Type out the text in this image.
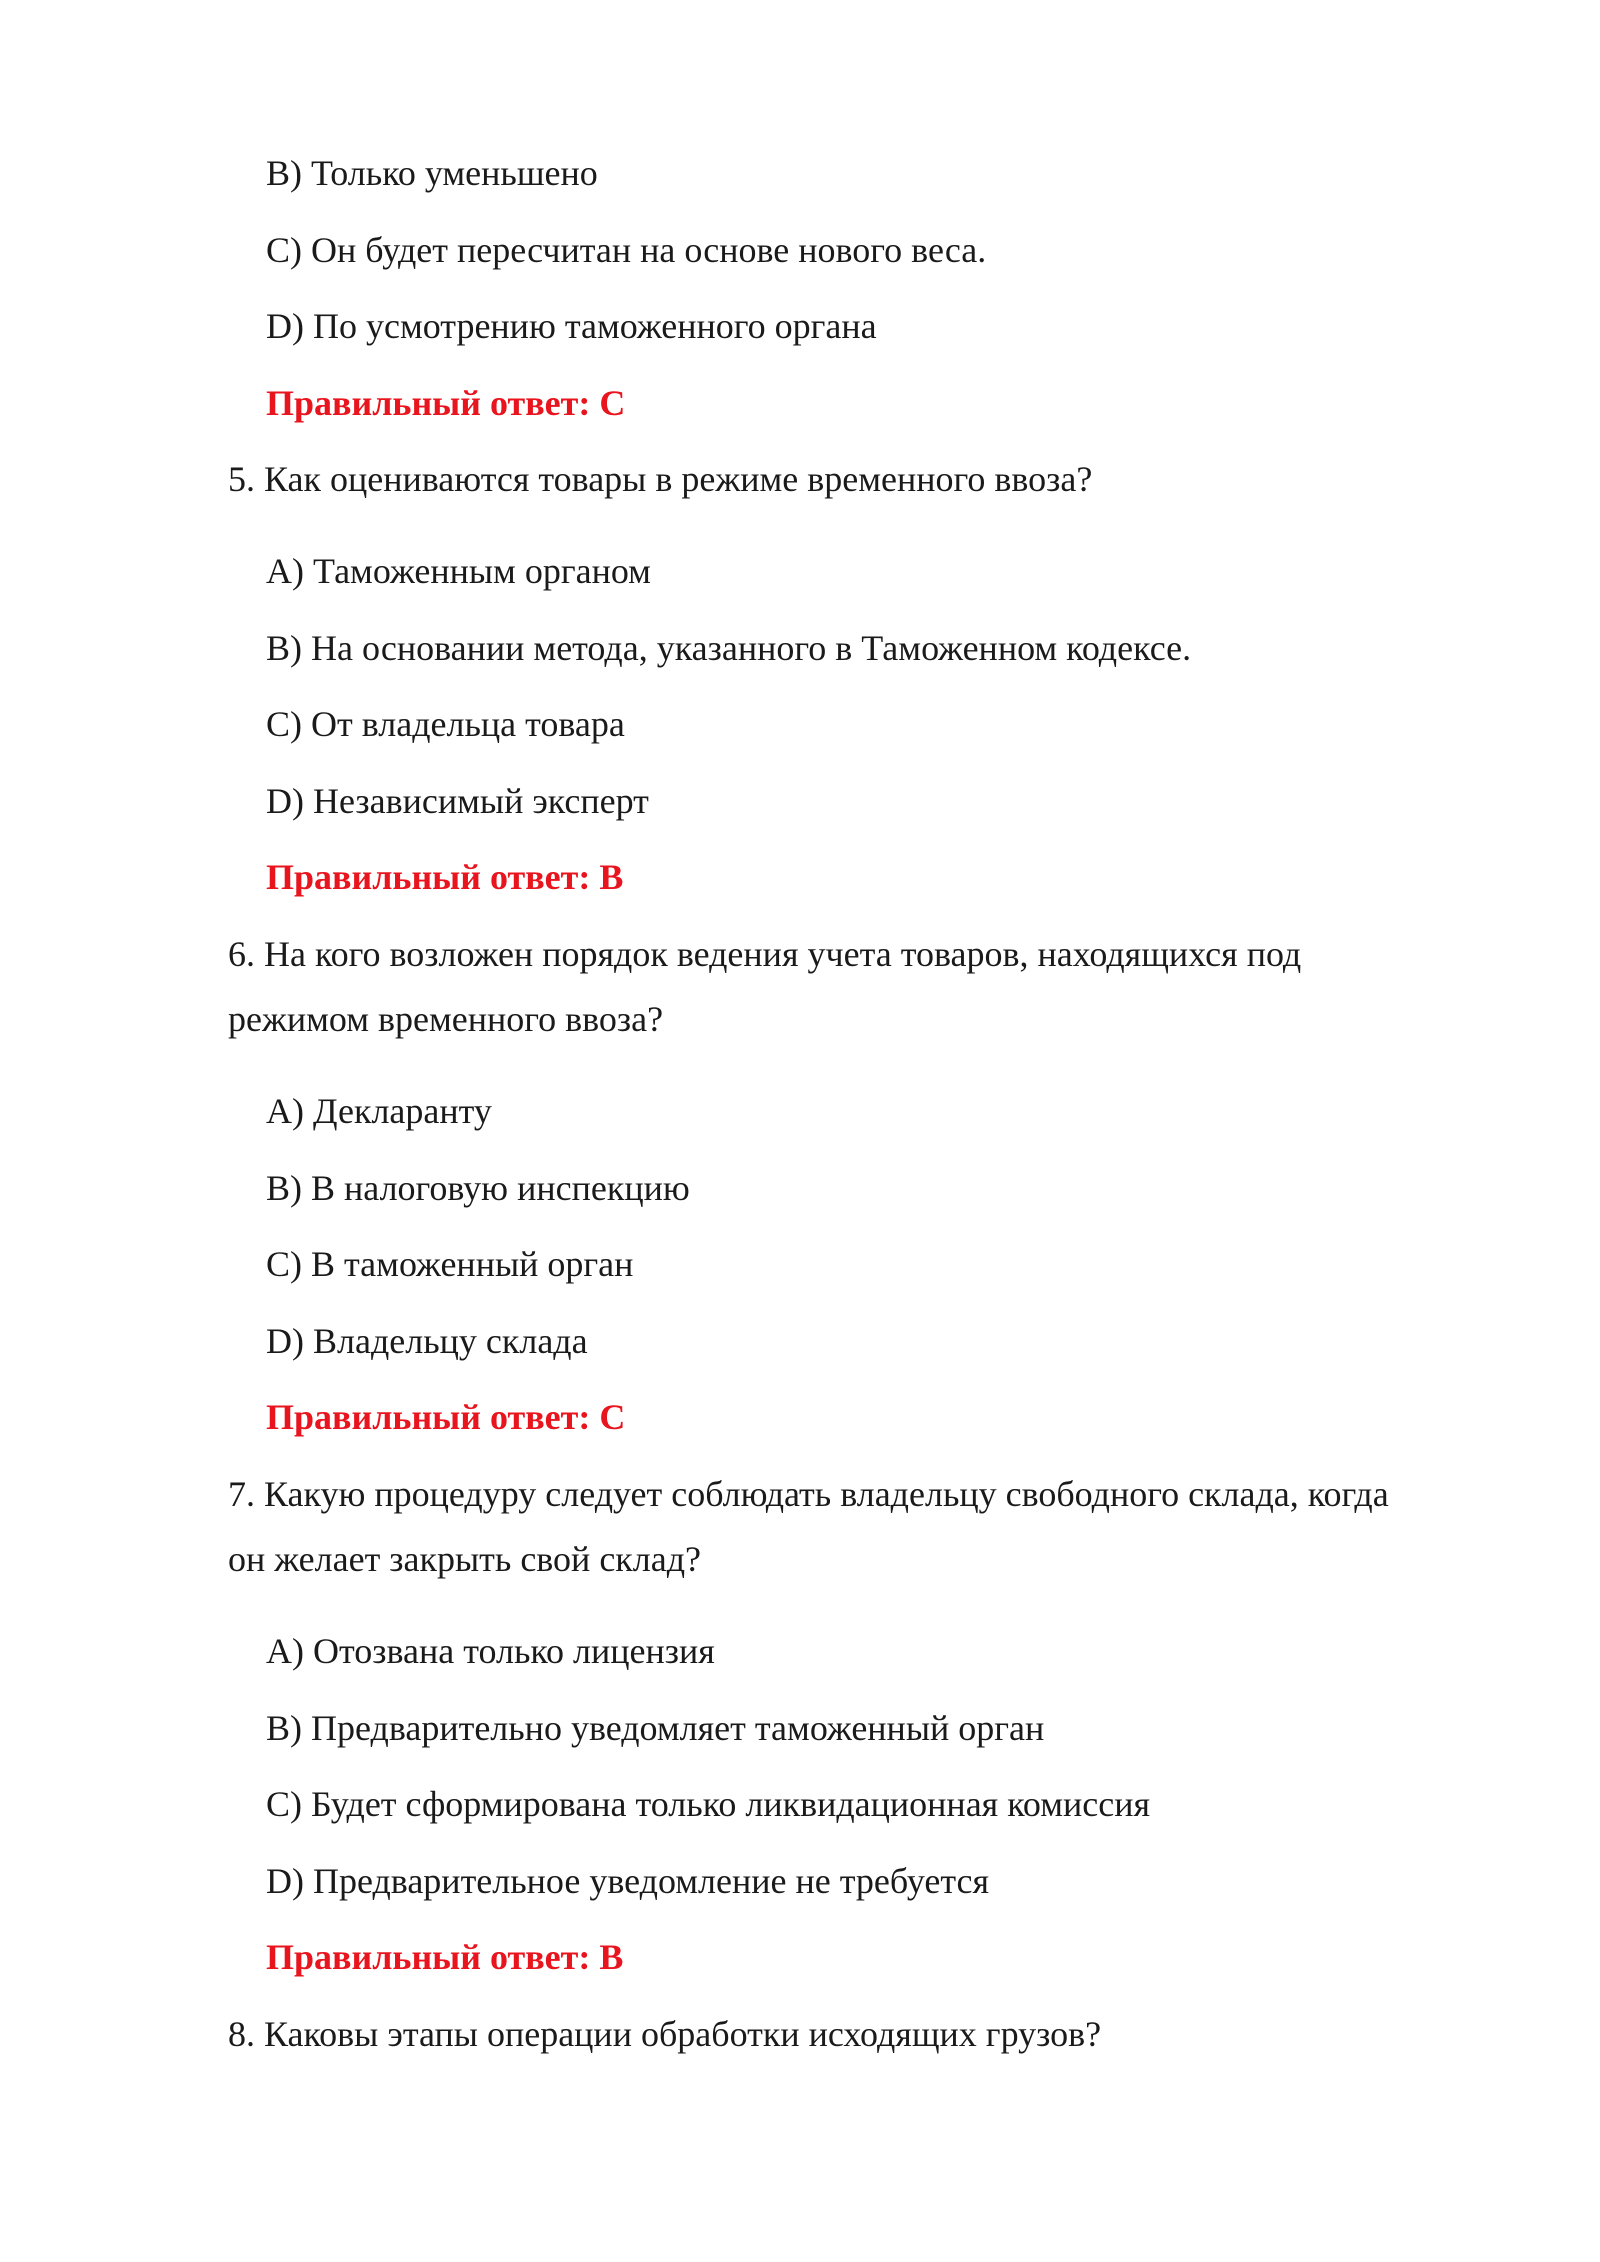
B) Только уменьшено
C) Он будет пересчитан на основе нового веса.
D) По усмотрению таможенного органа
Правильный ответ: C
5. Как оцениваются товары в режиме временного ввоза?
A) Таможенным органом
B) На основании метода, указанного в Таможенном кодексе.
C) От владельца товара
D) Независимый эксперт
Правильный ответ: B
6. На кого возложен порядок ведения учета товаров, находящихся под
режимом временного ввоза?
A) Декларанту
B) В налоговую инспекцию
C) В таможенный орган
D) Владельцу склада
Правильный ответ: C
7. Какую процедуру следует соблюдать владельцу свободного склада, когда
он желает закрыть свой склад?
A) Отозвана только лицензия
B) Предварительно уведомляет таможенный орган
C) Будет сформирована только ликвидационная комиссия
D) Предварительное уведомление не требуется
Правильный ответ: B
8. Каковы этапы операции обработки исходящих грузов?
